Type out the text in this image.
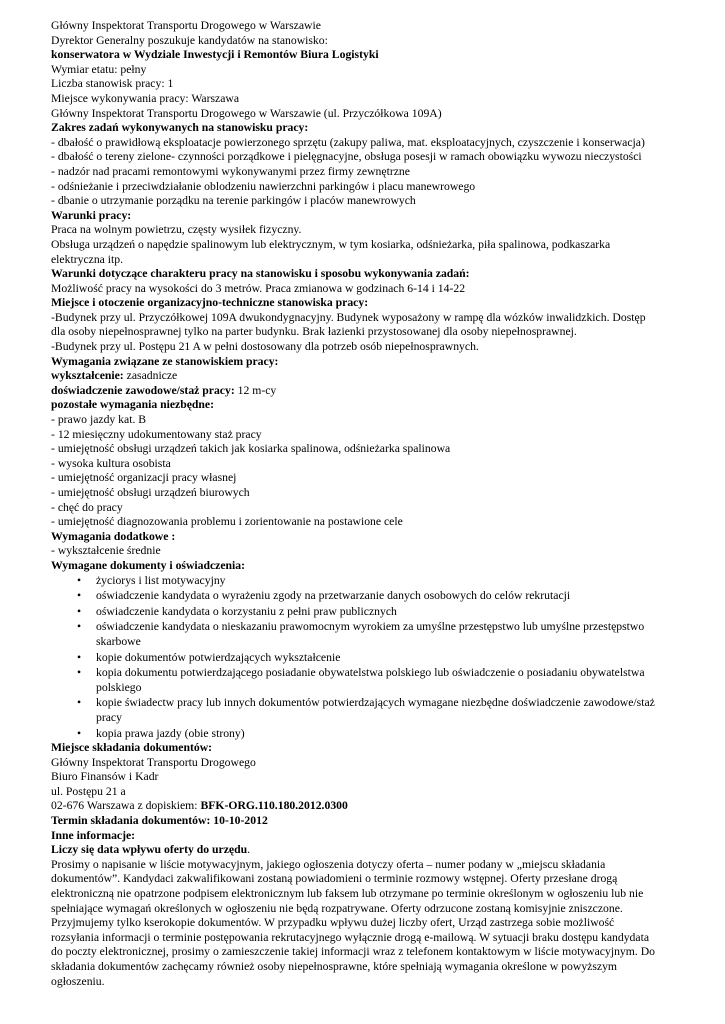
Główny Inspektorat Transportu Drogowego w Warszawie
Dyrektor Generalny poszukuje kandydatów na stanowisko:
konserwatora w Wydziale Inwestycji i Remontów Biura Logistyki
Wymiar etatu: pełny
Liczba stanowisk pracy: 1
Miejsce wykonywania pracy: Warszawa
Główny Inspektorat Transportu Drogowego w Warszawie (ul. Przyczółkowa 109A)
Zakres zadań wykonywanych na stanowisku pracy:
- dbałość o prawidłową eksploatacje powierzonego sprzętu (zakupy paliwa, mat. eksploatacyjnych, czyszczenie i konserwacja)
- dbałość o tereny zielone- czynności porządkowe i pielęgnacyjne, obsługa posesji w ramach obowiązku wywozu nieczystości
- nadzór nad pracami remontowymi wykonywanymi przez firmy zewnętrzne
- odśnieżanie i przeciwdziałanie oblodzeniu nawierzchni parkingów i placu manewrowego
- dbanie o utrzymanie porządku na terenie parkingów i placów manewrowych
Warunki pracy:
Praca na wolnym powietrzu, częsty wysiłek fizyczny.
Obsługa urządzeń o napędzie spalinowym lub elektrycznym, w tym kosiarka, odśnieżarka, piła spalinowa, podkaszarka
elektryczna itp.
Warunki dotyczące charakteru pracy na stanowisku i sposobu wykonywania zadań:
Możliwość pracy na wysokości do 3 metrów. Praca zmianowa w godzinach 6-14 i 14-22
Miejsce i otoczenie organizacyjno-techniczne stanowiska pracy:
-Budynek przy ul. Przyczółkowej 109A dwukondygnacyjny. Budynek wyposażony w rampę dla wózków inwalidzkich. Dostęp
dla osoby niepełnosprawnej tylko na parter budynku. Brak łazienki przystosowanej dla osoby niepełnosprawnej.
-Budynek przy ul. Postępu 21 A w pełni dostosowany dla potrzeb osób niepełnosprawnych.
Wymagania związane ze stanowiskiem pracy:
wykształcenie: zasadnicze
doświadczenie zawodowe/staż pracy: 12 m-cy
pozostałe wymagania niezbędne:
- prawo jazdy kat. B
- 12 miesięczny udokumentowany staż pracy
- umiejętność obsługi urządzeń takich jak kosiarka spalinowa, odśnieżarka spalinowa
- wysoka kultura osobista
- umiejętność organizacji pracy własnej
- umiejętność obsługi urządzeń biurowych
- chęć do pracy
- umiejętność diagnozowania problemu i zorientowanie na postawione cele
Wymagania dodatkowe :
- wykształcenie średnie
Wymagane dokumenty i oświadczenia:
• życiorys i list motywacyjny
• oświadczenie kandydata o wyrażeniu zgody na przetwarzanie danych osobowych do celów rekrutacji
• oświadczenie kandydata o korzystaniu z pełni praw publicznych
• oświadczenie kandydata o nieskazaniu prawomocnym wyrokiem za umyślne przestępstwo lub umyślne przestępstwo
skarbowe
• kopie dokumentów potwierdzających wykształcenie
• kopia dokumentu potwierdzającego posiadanie obywatelstwa polskiego lub oświadczenie o posiadaniu obywatelstwa
polskiego
• kopie świadectw pracy lub innych dokumentów potwierdzających wymagane niezbędne doświadczenie zawodowe/staż
pracy
• kopia prawa jazdy (obie strony)
Miejsce składania dokumentów:
Główny Inspektorat Transportu Drogowego
Biuro Finansów i Kadr
ul. Postępu 21 a
02-676 Warszawa z dopiskiem: BFK-ORG.110.180.2012.0300
Termin składania dokumentów: 10-10-2012
Inne informacje:
Liczy się data wpływu oferty do urzędu.
Prosimy o napisanie w liście motywacyjnym, jakiego ogłoszenia dotyczy oferta – numer podany w „miejscu składania
dokumentów”. Kandydaci zakwalifikowani zostaną powiadomieni o terminie rozmowy wstępnej. Oferty przesłane drogą
elektroniczną nie opatrzone podpisem elektronicznym lub faksem lub otrzymane po terminie określonym w ogłoszeniu lub nie
spełniające wymagań określonych w ogłoszeniu nie będą rozpatrywane. Oferty odrzucone zostaną komisyjnie zniszczone.
Przyjmujemy tylko kserokopie dokumentów. W przypadku wpływu dużej liczby ofert, Urząd zastrzega sobie możliwość
rozsyłania informacji o terminie postępowania rekrutacyjnego wyłącznie drogą e-mailową. W sytuacji braku dostępu kandydata
do poczty elektronicznej, prosimy o zamieszczenie takiej informacji wraz z telefonem kontaktowym w liście motywacyjnym. Do
składania dokumentów zachęcamy również osoby niepełnosprawne, które spełniają wymagania określone w powyższym
ogłoszeniu.
